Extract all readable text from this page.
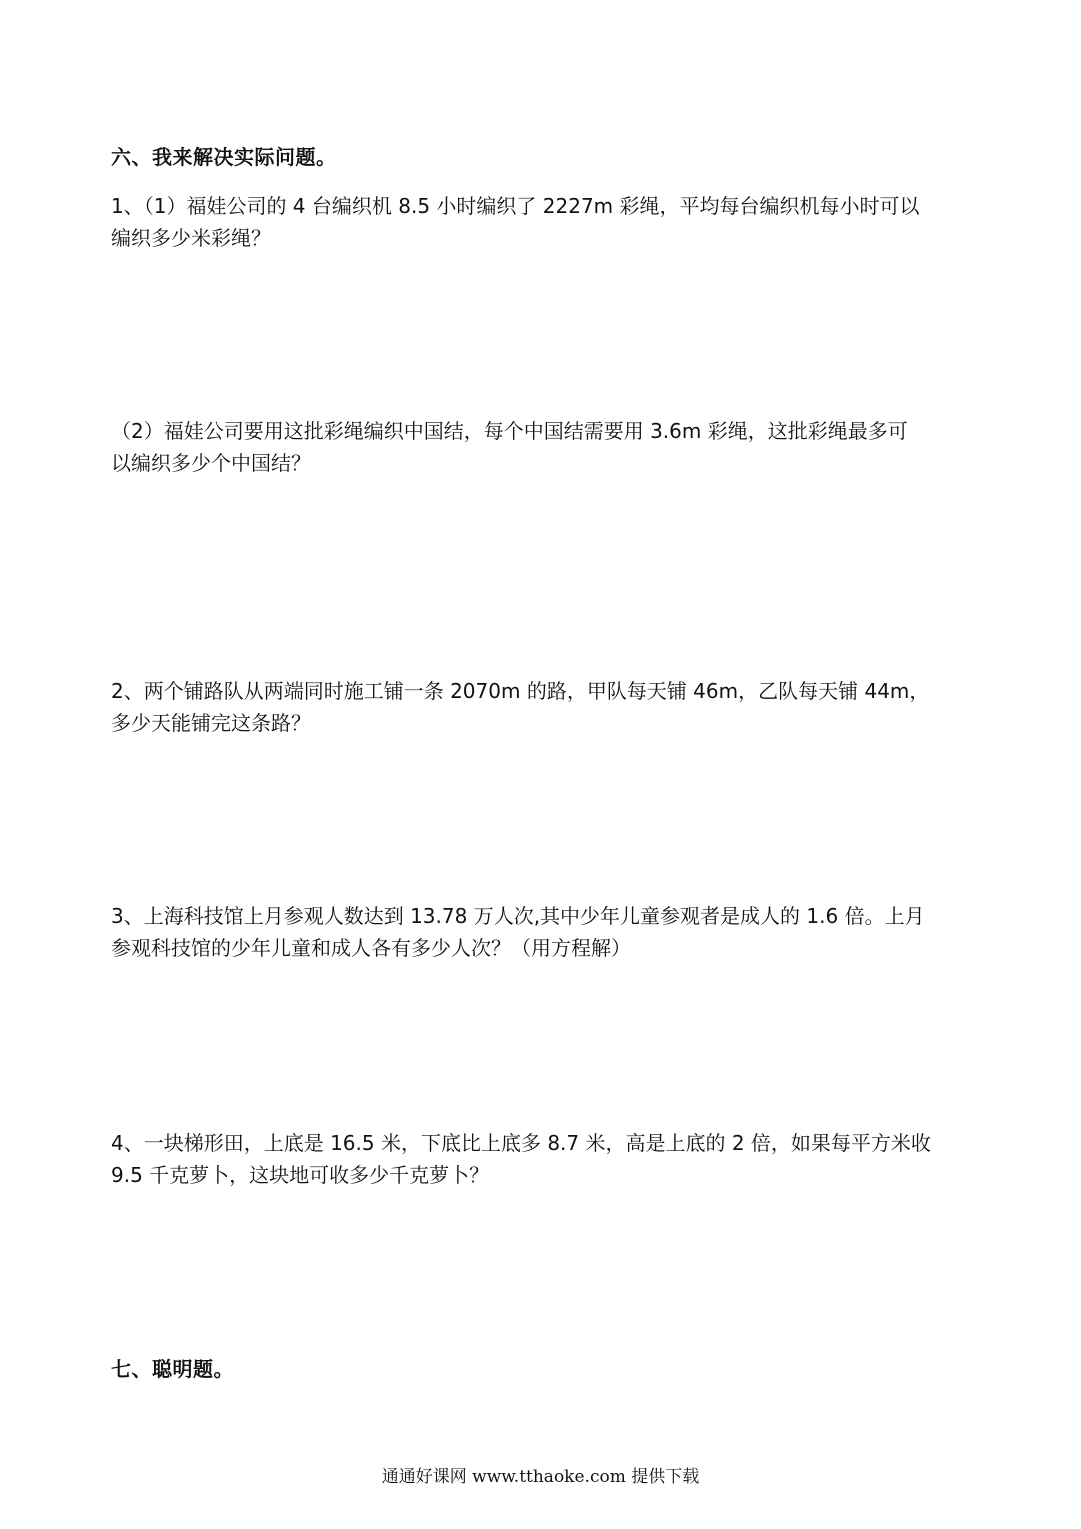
六、我来解决实际问题。
1、（1）福娃公司的 4 台编织机 8.5 小时编织了 2227m 彩绳，平均每台编织机每小时可以
编织多少米彩绳？
（2）福娃公司要用这批彩绳编织中国结，每个中国结需要用 3.6m 彩绳，这批彩绳最多可
以编织多少个中国结？
2、两个铺路队从两端同时施工铺一条 2070m 的路，甲队每天铺 46m，乙队每天铺 44m，
多少天能铺完这条路？
3、上海科技馆上月参观人数达到 13.78 万人次,其中少年儿童参观者是成人的 1.6 倍。上月
参观科技馆的少年儿童和成人各有多少人次？（用方程解）
4、一块梯形田，上底是 16.5 米，下底比上底多 8.7 米，高是上底的 2 倍，如果每平方米收
9.5 千克萝卜，这块地可收多少千克萝卜？
七、聪明题。
通通好课网 www.tthaoke.com 提供下载
